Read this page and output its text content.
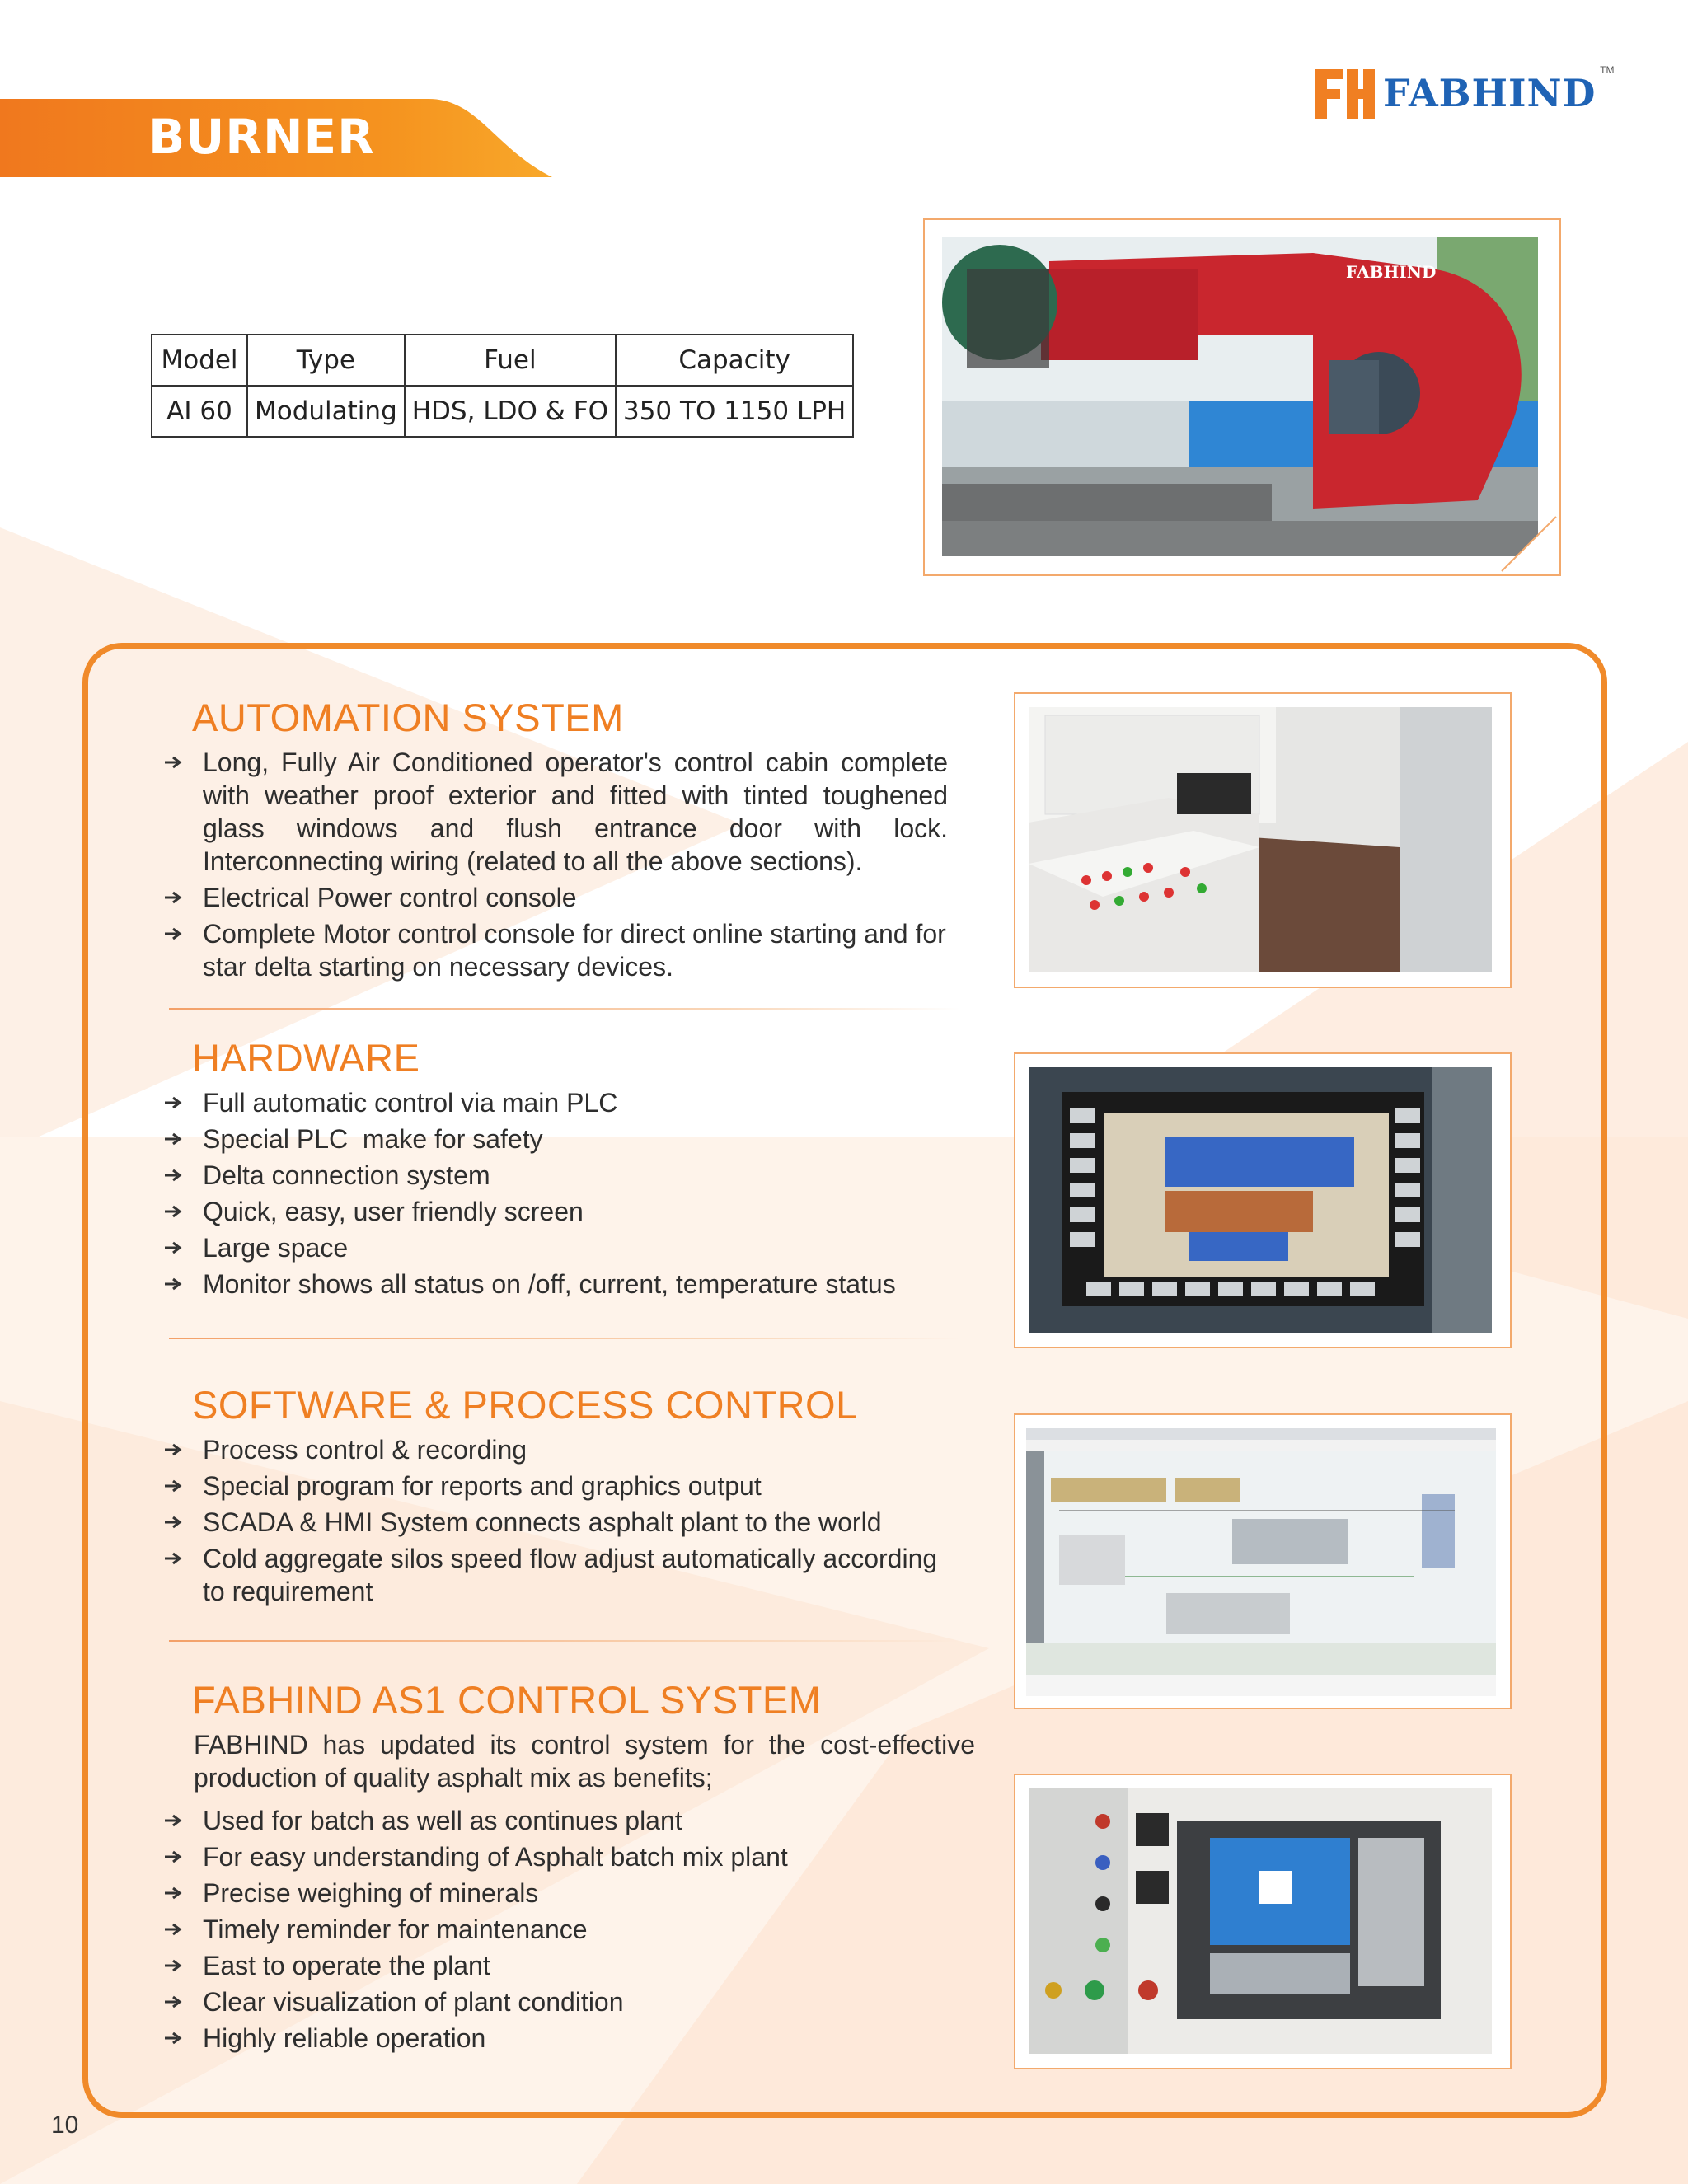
BURNER
FABHIND
TM
Model	Type	Fuel	Capacity
AI 60	Modulating	HDS, LDO & FO	350 TO 1150 LPH
FABHIND
AUTOMATION SYSTEM
Long, Fully Air Conditioned operator's control cabin complete with weather proof exterior and fitted with tinted toughened glass windows and flush entrance door with lock. Interconnecting wiring (related to all the above sections).
Electrical Power control console
Complete Motor control console for direct online starting and for star delta starting on necessary devices.
HARDWARE
Full automatic control via main PLC
Special PLC  make for safety
Delta connection system
Quick, easy, user friendly screen
Large space
Monitor shows all status on /off, current, temperature status
SOFTWARE & PROCESS CONTROL
Process control & recording
Special program for reports and graphics output
SCADA & HMI System connects asphalt plant to the world
Cold aggregate silos speed flow adjust automatically according to requirement
FABHIND AS1 CONTROL SYSTEM
FABHIND has updated its control system for the cost-effective production of quality asphalt mix as benefits;
Used for batch as well as continues plant
For easy understanding of Asphalt batch mix plant
Precise weighing of minerals
Timely reminder for maintenance
East to operate the plant
Clear visualization of plant condition
Highly reliable operation
10
